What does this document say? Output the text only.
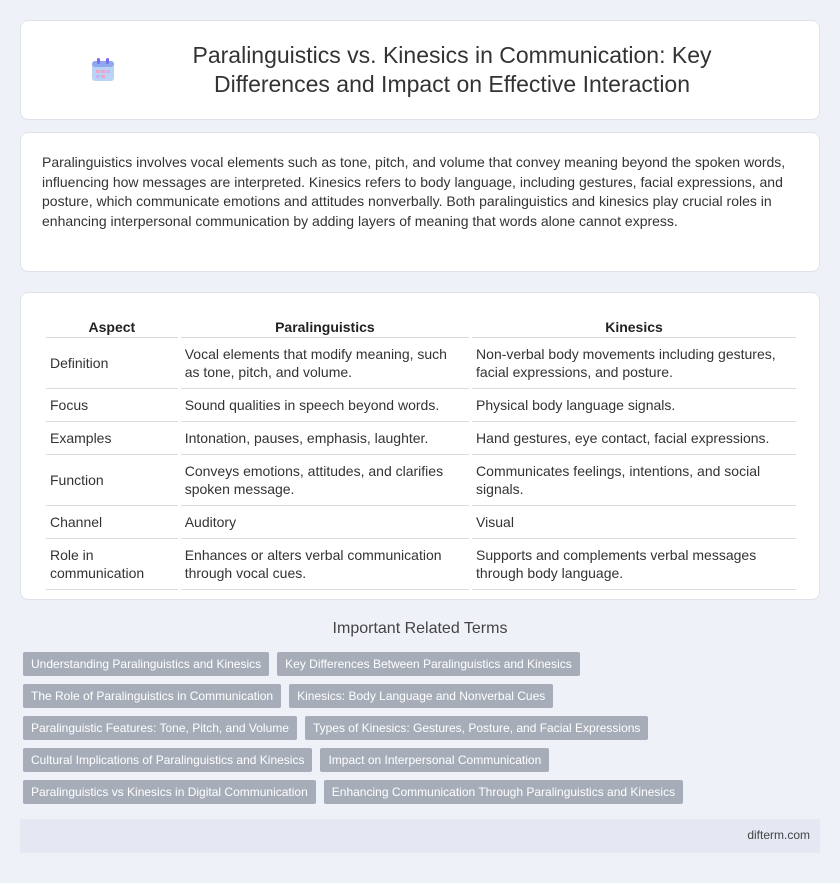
Paralinguistics vs. Kinesics in Communication: Key Differences and Impact on Effective Interaction

Paralinguistics involves vocal elements such as tone, pitch, and volume that convey meaning beyond the spoken words, influencing how messages are interpreted. Kinesics refers to body language, including gestures, facial expressions, and posture, which communicate emotions and attitudes nonverbally. Both paralinguistics and kinesics play crucial roles in enhancing interpersonal communication by adding layers of meaning that words alone cannot express.

Aspect	Paralinguistics	Kinesics
Definition	Vocal elements that modify meaning, such as tone, pitch, and volume.	Non-verbal body movements including gestures, facial expressions, and posture.
Focus	Sound qualities in speech beyond words.	Physical body language signals.
Examples	Intonation, pauses, emphasis, laughter.	Hand gestures, eye contact, facial expressions.
Function	Conveys emotions, attitudes, and clarifies spoken message.	Communicates feelings, intentions, and social signals.
Channel	Auditory	Visual
Role in communication	Enhances or alters verbal communication through vocal cues.	Supports and complements verbal messages through body language.
Important Related Terms
Understanding Paralinguistics and Kinesics	Key Differences Between Paralinguistics and Kinesics
The Role of Paralinguistics in Communication	Kinesics: Body Language and Nonverbal Cues
Paralinguistic Features: Tone, Pitch, and Volume	Types of Kinesics: Gestures, Posture, and Facial Expressions
Cultural Implications of Paralinguistics and Kinesics	Impact on Interpersonal Communication
Paralinguistics vs Kinesics in Digital Communication	Enhancing Communication Through Paralinguistics and Kinesics
difterm.com
